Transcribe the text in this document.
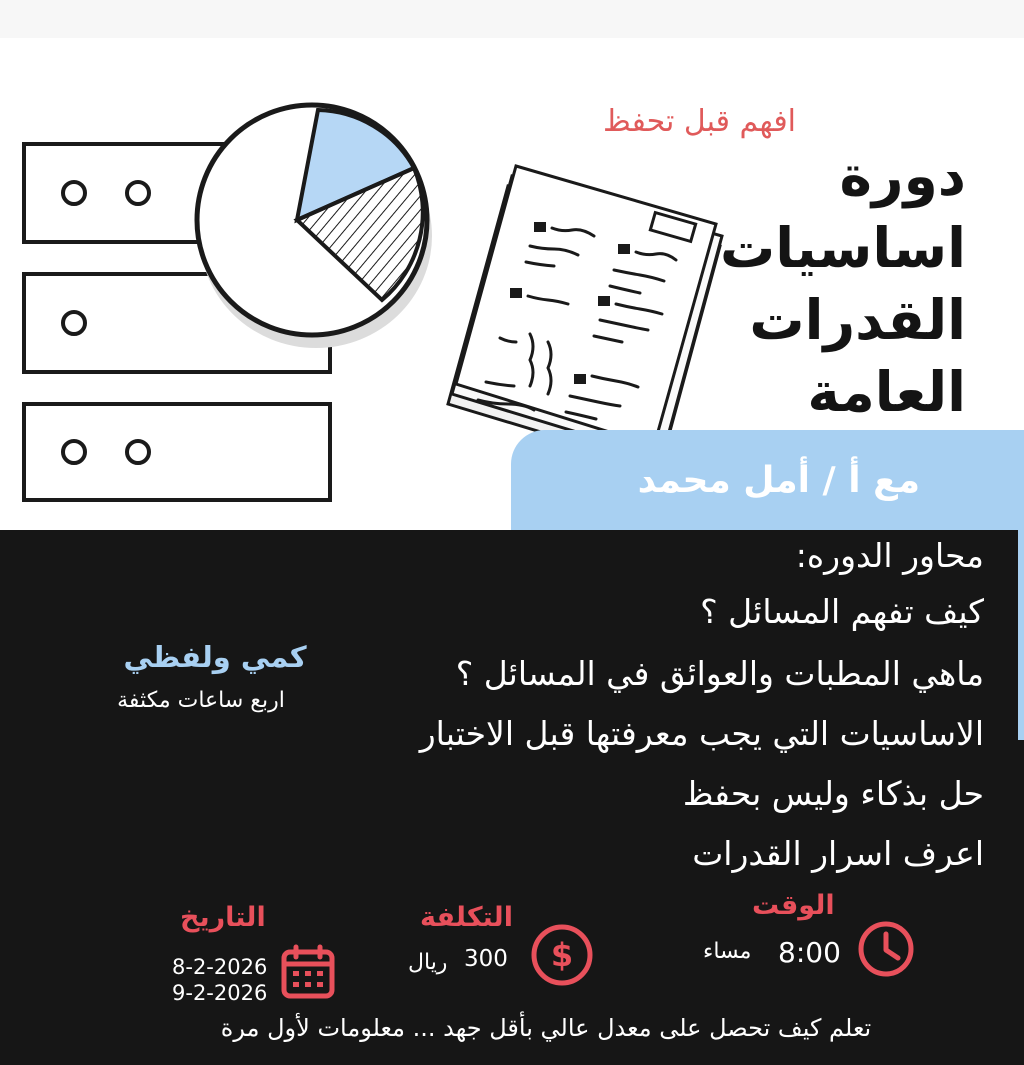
افهم قبل تحفظ
دورة
اساسيات
القدرات
العامة
مع أ / أمل محمد
محاور الدوره:
كيف تفهم المسائل ؟
ماهي المطبات والعوائق في المسائل ؟
الاساسيات التي يجب معرفتها قبل الاختبار
حل بذكاء وليس بحفظ
اعرف اسرار القدرات
كمي ولفظي
اربع ساعات مكثفة
الوقت
8:00
مساء
التكلفة
$
300
ريال
التاريخ
8-2-2026
9-2-2026
تعلم كيف تحصل على معدل عالي بأقل جهد ... معلومات لأول مرة
